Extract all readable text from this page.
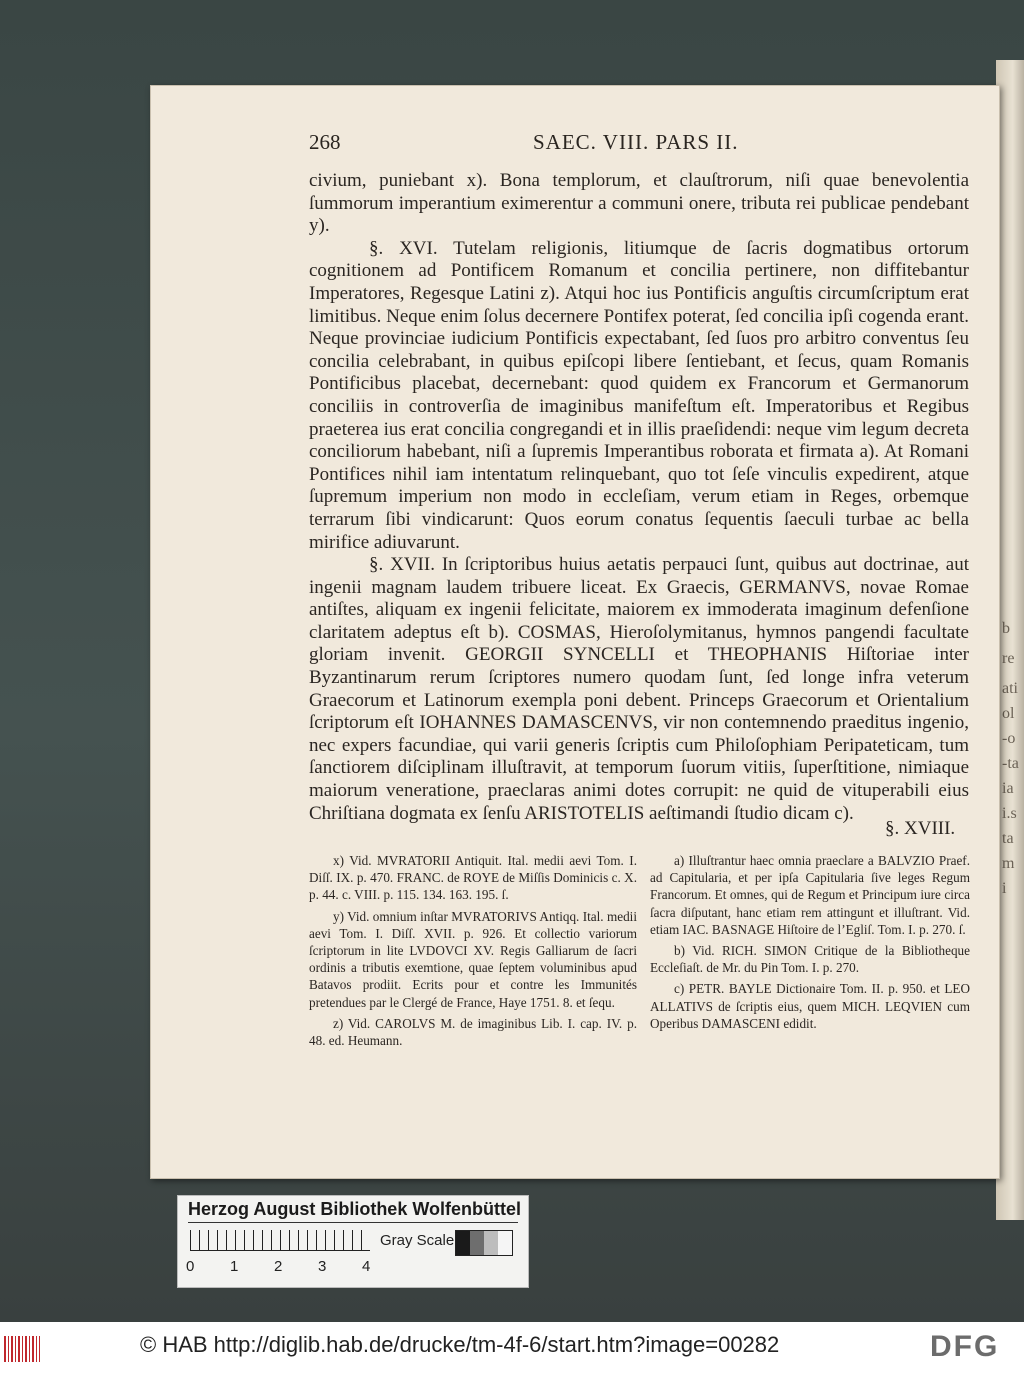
b
re
ati
ol
-o
-ta
ia
i.s
ta
m
i
268	SAEC. VIII. PARS II.

civium, puniebant x). Bona templorum, et clauſtrorum, niſi quae benevolentia ſummorum imperantium eximerentur a communi onere, tributa rei publicae pendebant y).

§. XVI. Tutelam religionis, litiumque de ſacris dogmatibus ortorum cognitionem ad Pontificem Romanum et concilia pertinere, non diffitebantur Imperatores, Regesque Latini z). Atqui hoc ius Pontificis anguſtis circumſcriptum erat limitibus. Neque enim ſolus decernere Pontifex poterat, ſed concilia ipſi cogenda erant. Neque provinciae iudicium Pontificis expectabant, ſed ſuos pro arbitro conventus ſeu concilia celebrabant, in quibus epiſcopi libere ſentiebant, et ſecus, quam Romanis Pontificibus placebat, decernebant: quod quidem ex Francorum et Germanorum conciliis in controverſia de imaginibus manifeſtum eſt. Imperatoribus et Regibus praeterea ius erat concilia congregandi et in illis praeſidendi: neque vim legum decreta conciliorum habebant, niſi a ſupremis Imperantibus roborata et firmata a). At Romani Pontifices nihil iam intentatum relinquebant, quo tot ſeſe vinculis expedirent, atque ſupremum imperium non modo in eccleſiam, verum etiam in Reges, orbemque terrarum ſibi vindicarunt: Quos eorum conatus ſequentis ſaeculi turbae ac bella mirifice adiuvarunt.

§. XVII. In ſcriptoribus huius aetatis perpauci ſunt, quibus aut doctrinae, aut ingenii magnam laudem tribuere liceat. Ex Graecis, GERMANVS, novae Romae antiſtes, aliquam ex ingenii felicitate, maiorem ex immoderata imaginum defenſione claritatem adeptus eſt b). COSMAS, Hieroſolymitanus, hymnos pangendi facultate gloriam invenit. GEORGII SYNCELLI et THEOPHANIS Hiſtoriae inter Byzantinarum rerum ſcriptores numero quodam ſunt, ſed longe infra veterum Graecorum et Latinorum exempla poni debent. Princeps Graecorum et Orientalium ſcriptorum eſt IOHANNES DAMASCENVS, vir non contemnendo praeditus ingenio, nec expers facundiae, qui varii generis ſcriptis cum Philoſophiam Peripateticam, tum ſanctiorem diſciplinam illuſtravit, at temporum ſuorum vitiis, ſuperſtitione, nimiaque maiorum veneratione, praeclaras animi dotes corrupit: ne quid de vituperabili eius Chriſtiana dogmata ex ſenſu ARISTOTELIS aeſtimandi ſtudio dicam c).

§. XVIII.

x) Vid. MVRATORII Antiquit. Ital. medii aevi Tom. I. Diſſ. IX. p. 470. FRANC. de ROYE de Miſſis Dominicis c. X. p. 44. c. VIII. p. 115. 134. 163. 195. ſ.

y) Vid. omnium inſtar MVRATORIVS Antiqq. Ital. medii aevi Tom. I. Diſſ. XVII. p. 926. Et collectio variorum ſcriptorum in lite LVDOVCI XV. Regis Galliarum de ſacri ordinis a tributis exemtione, quae ſeptem voluminibus apud Batavos prodiit. Ecrits pour et contre les Immunités pretendues par le Clergé de France, Haye 1751. 8. et ſequ.

z) Vid. CAROLVS M. de imaginibus Lib. I. cap. IV. p. 48. ed. Heumann.

a) Illuſtrantur haec omnia praeclare a BALVZIO Praef. ad Capitularia, et per ipſa Capitularia ſive leges Regum Francorum. Et omnes, qui de Regum et Principum iure circa ſacra diſputant, hanc etiam rem attingunt et illuſtrant. Vid. etiam IAC. BASNAGE Hiſtoire de l’Egliſ. Tom. I. p. 270. ſ.

b) Vid. RICH. SIMON Critique de la Bibliotheque Eccleſiaſt. de Mr. du Pin Tom. I. p. 270.

c) PETR. BAYLE Dictionaire Tom. II. p. 950. et LEO ALLATIVS de ſcriptis eius, quem MICH. LEQVIEN cum Operibus DAMASCENI edidit.

Herzog August Bibliothek Wolfenbüttel
0 1 2 3 4
Gray Scale
© HAB http://diglib.hab.de/drucke/tm-4f-6/start.htm?image=00282	DFG
